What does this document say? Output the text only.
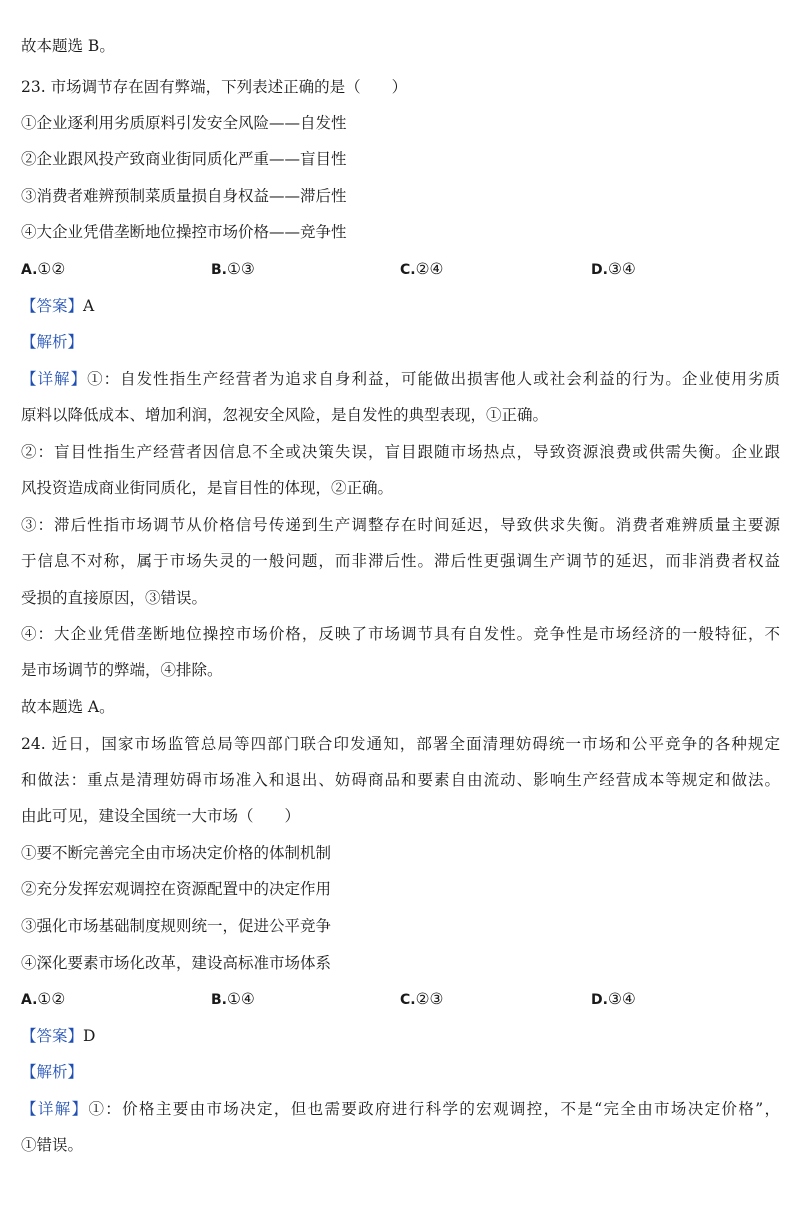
故本题选 B。
23. 市场调节存在固有弊端，下列表述正确的是（　　）
①企业逐利用劣质原料引发安全风险——自发性
②企业跟风投产致商业街同质化严重——盲目性
③消费者难辨预制菜质量损自身权益——滞后性
④大企业凭借垄断地位操控市场价格——竞争性
A.①②	B.①③	C.②④	D.③④
【答案】A
【解析】
【详解】①：自发性指生产经营者为追求自身利益，可能做出损害他人或社会利益的行为。企业使用劣质
原料以降低成本、增加利润，忽视安全风险，是自发性的典型表现，①正确。
②：盲目性指生产经营者因信息不全或决策失误，盲目跟随市场热点，导致资源浪费或供需失衡。企业跟
风投资造成商业街同质化，是盲目性的体现，②正确。
③：滞后性指市场调节从价格信号传递到生产调整存在时间延迟，导致供求失衡。消费者难辨质量主要源
于信息不对称，属于市场失灵的一般问题，而非滞后性。滞后性更强调生产调节的延迟，而非消费者权益
受损的直接原因，③错误。
④：大企业凭借垄断地位操控市场价格，反映了市场调节具有自发性。竞争性是市场经济的一般特征，不
是市场调节的弊端，④排除。
故本题选 A。
24. 近日，国家市场监管总局等四部门联合印发通知，部署全面清理妨碍统一市场和公平竞争的各种规定
和做法：重点是清理妨碍市场准入和退出、妨碍商品和要素自由流动、影响生产经营成本等规定和做法。
由此可见，建设全国统一大市场（　　）
①要不断完善完全由市场决定价格的体制机制
②充分发挥宏观调控在资源配置中的决定作用
③强化市场基础制度规则统一，促进公平竞争
④深化要素市场化改革，建设高标准市场体系
A.①②	B.①④	C.②③	D.③④
【答案】D
【解析】
【详解】①：价格主要由市场决定，但也需要政府进行科学的宏观调控，不是“完全由市场决定价格”，
①错误。
